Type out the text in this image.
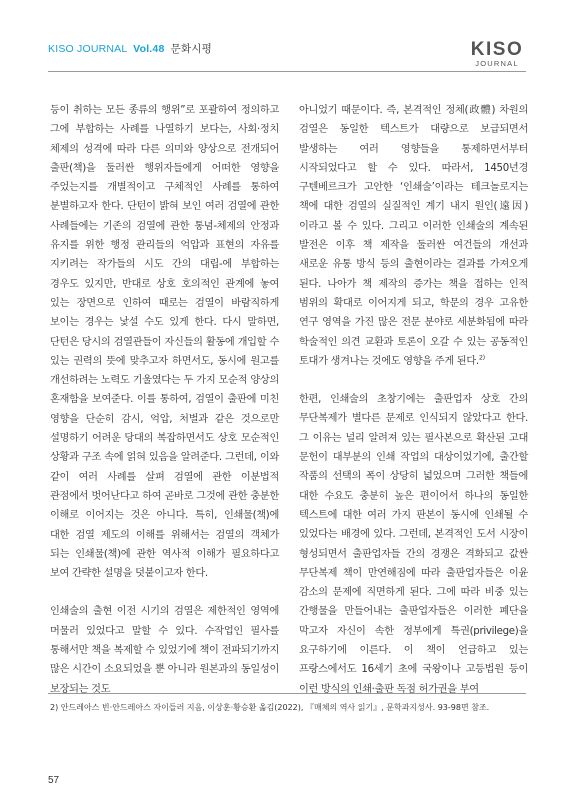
KISO JOURNAL Vol.48 문화시평	KISO
JOURNAL

등이 취하는 모든 종류의 행위”로 포괄하여 정의하고 그에 부합하는 사례를 나열하기 보다는, 사회·정치 체제의 성격에 따라 다른 의미와 양상으로 전개되어 출판(책)을 둘러싼 행위자들에게 어떠한 영향을 주었는지를 개별적이고 구체적인 사례를 통하여 분별하고자 한다. 단턴이 밝혀 보인 여러 검열에 관한 사례들에는 기존의 검열에 관한 통념-체제의 안정과 유지를 위한 행정 관리들의 억압과 표현의 자유를 지키려는 작가들의 시도 간의 대립-에 부합하는 경우도 있지만, 반대로 상호 호의적인 관계에 놓여 있는 장면으로 인하여 때로는 검열이 바람직하게 보이는 경우는 낯설 수도 있게 한다. 다시 말하면, 단턴은 당시의 검열관들이 자신들의 활동에 개입할 수 있는 권력의 뜻에 맞추고자 하면서도, 동시에 원고를 개선하려는 노력도 기울였다는 두 가지 모순적 양상의 혼재함을 보여준다. 이를 통하여, 검열이 출판에 미친 영향을 단순히 감시, 억압, 처벌과 같은 것으로만 설명하기 어려운 당대의 복잡하면서도 상호 모순적인 상황과 구조 속에 얽혀 있음을 알려준다. 그런데, 이와 같이 여러 사례를 살펴 검열에 관한 이분법적 관점에서 벗어난다고 하여 곧바로 그것에 관한 충분한 이해로 이어지는 것은 아니다. 특히, 인쇄물(책)에 대한 검열 제도의 이해를 위해서는 검열의 객체가 되는 인쇄물(책)에 관한 역사적 이해가 필요하다고 보여 간략한 설명을 덧붙이고자 한다.

인쇄술의 출현 이전 시기의 검열은 제한적인 영역에 머물러 있었다고 말할 수 있다. 수작업인 필사를 통해서만 책을 복제할 수 있었기에 책이 전파되기까지 많은 시간이 소요되었을 뿐 아니라 원본과의 동일성이 보장되는 것도

아니었기 때문이다. 즉, 본격적인 정체(政體) 차원의 검열은 동일한 텍스트가 대량으로 보급되면서 발생하는 여러 영향들을 통제하면서부터 시작되었다고 할 수 있다. 따라서, 1450년경 구텐베르크가 고안한 ‘인쇄술’이라는 테크놀로지는 책에 대한 검열의 실질적인 계기 내지 원인(遠因)이라고 볼 수 있다. 그리고 이러한 인쇄술의 계속된 발전은 이후 책 제작을 둘러싼 여건들의 개선과 새로운 유통 방식 등의 출현이라는 결과를 가져오게 된다. 나아가 책 제작의 증가는 책을 접하는 인적 범위의 확대로 이어지게 되고, 학문의 경우 고유한 연구 영역을 가진 많은 전문 분야로 세분화됨에 따라 학술적인 의견 교환과 토론이 오갈 수 있는 공동적인 토대가 생겨나는 것에도 영향을 주게 된다.$^{2)}$

한편, 인쇄술의 초창기에는 출판업자 상호 간의 무단복제가 별다른 문제로 인식되지 않았다고 한다. 그 이유는 널리 알려져 있는 필사본으로 확산된 고대 문헌이 대부분의 인쇄 작업의 대상이었기에, 출간할 작품의 선택의 폭이 상당히 넓었으며 그러한 책들에 대한 수요도 충분히 높은 편이어서 하나의 동일한 텍스트에 대한 여러 가지 판본이 동시에 인쇄될 수 있었다는 배경에 있다. 그런데, 본격적인 도서 시장이 형성되면서 출판업자들 간의 경쟁은 격화되고 값싼 무단복제 책이 만연해짐에 따라 출판업자들은 이윤 감소의 문제에 직면하게 된다. 그에 따라 비중 있는 간행물을 만들어내는 출판업자들은 이러한 폐단을 막고자 자신이 속한 정부에게 특권(privilege)을 요구하기에 이른다. 이 책이 언급하고 있는 프랑스에서도 16세기 초에 국왕이나 고등법원 등이 이런 방식의 인쇄·출판 독점 허가권을 부여

2) 안드레아스 빈·안드레아스 자이들러 지음, 이상훈·황승환 옮김(2022), 『매체의 역사 읽기』, 문학과지성사. 93-98면 참조.
57
